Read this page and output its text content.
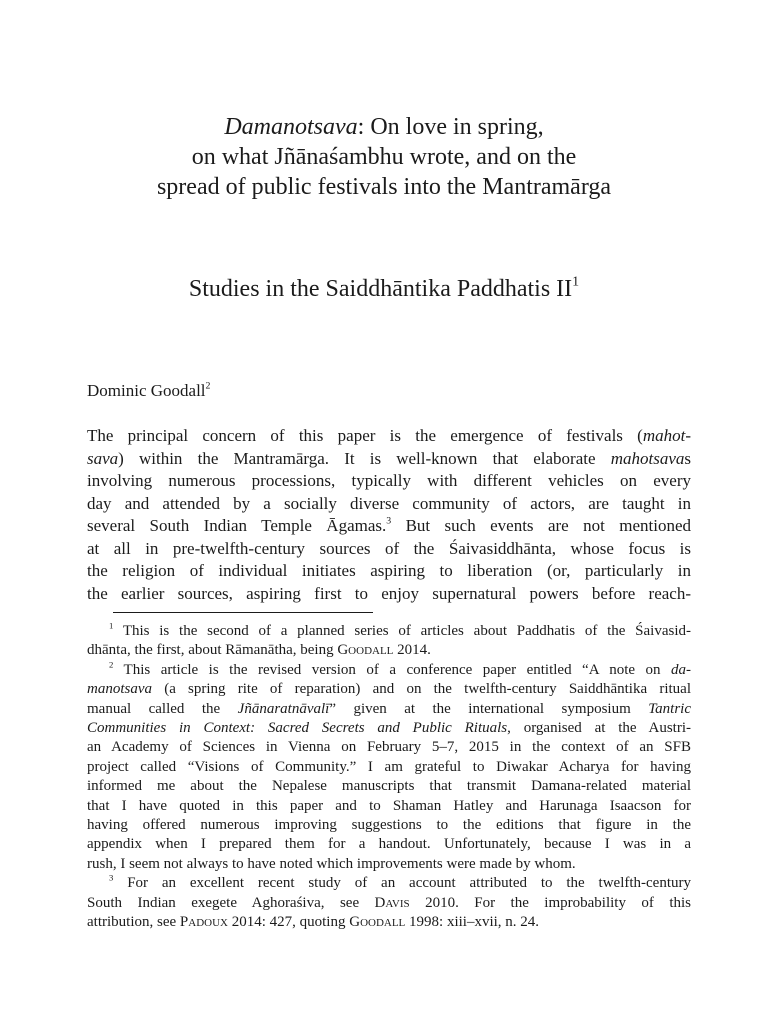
Damanotsava: On love in spring,
on what Jñānaśambhu wrote, and on the
spread of public festivals into the Mantramārga
Studies in the Saiddhāntika Paddhatis $II^1$
Dominic Goodall$^2$
The principal concern of this paper is the emergence of festivals (mahot-
sava) within the Mantramārga. It is well-known that elaborate mahotsavas
involving numerous processions, typically with different vehicles on every
day and attended by a socially diverse community of actors, are taught in
several South Indian Temple Āgamas.$^3$ But such events are not mentioned
at all in pre-twelfth-century sources of the Śaivasiddhānta, whose focus is
the religion of individual initiates aspiring to liberation (or, particularly in
the earlier sources, aspiring first to enjoy supernatural powers before reach-
$^1$ This is the second of a planned series of articles about Paddhatis of the Śaivasid-
dhānta, the first, about Rāmanātha, being Goodall 2014.
$^2$ This article is the revised version of a conference paper entitled “A note on da-
manotsava (a spring rite of reparation) and on the twelfth-century Saiddhāntika ritual
manual called the Jñānaratnāvalī” given at the international symposium Tantric
Communities in Context: Sacred Secrets and Public Rituals, organised at the Austri-
an Academy of Sciences in Vienna on February 5–7, 2015 in the context of an SFB
project called “Visions of Community.” I am grateful to Diwakar Acharya for having
informed me about the Nepalese manuscripts that transmit Damana-related material
that I have quoted in this paper and to Shaman Hatley and Harunaga Isaacson for
having offered numerous improving suggestions to the editions that figure in the
appendix when I prepared them for a handout. Unfortunately, because I was in a
rush, I seem not always to have noted which improvements were made by whom.
$^3$ For an excellent recent study of an account attributed to the twelfth-century
South Indian exegete Aghoraśiva, see Davis 2010. For the improbability of this
attribution, see Padoux 2014: 427, quoting Goodall 1998: xiii–xvii, n. 24.
